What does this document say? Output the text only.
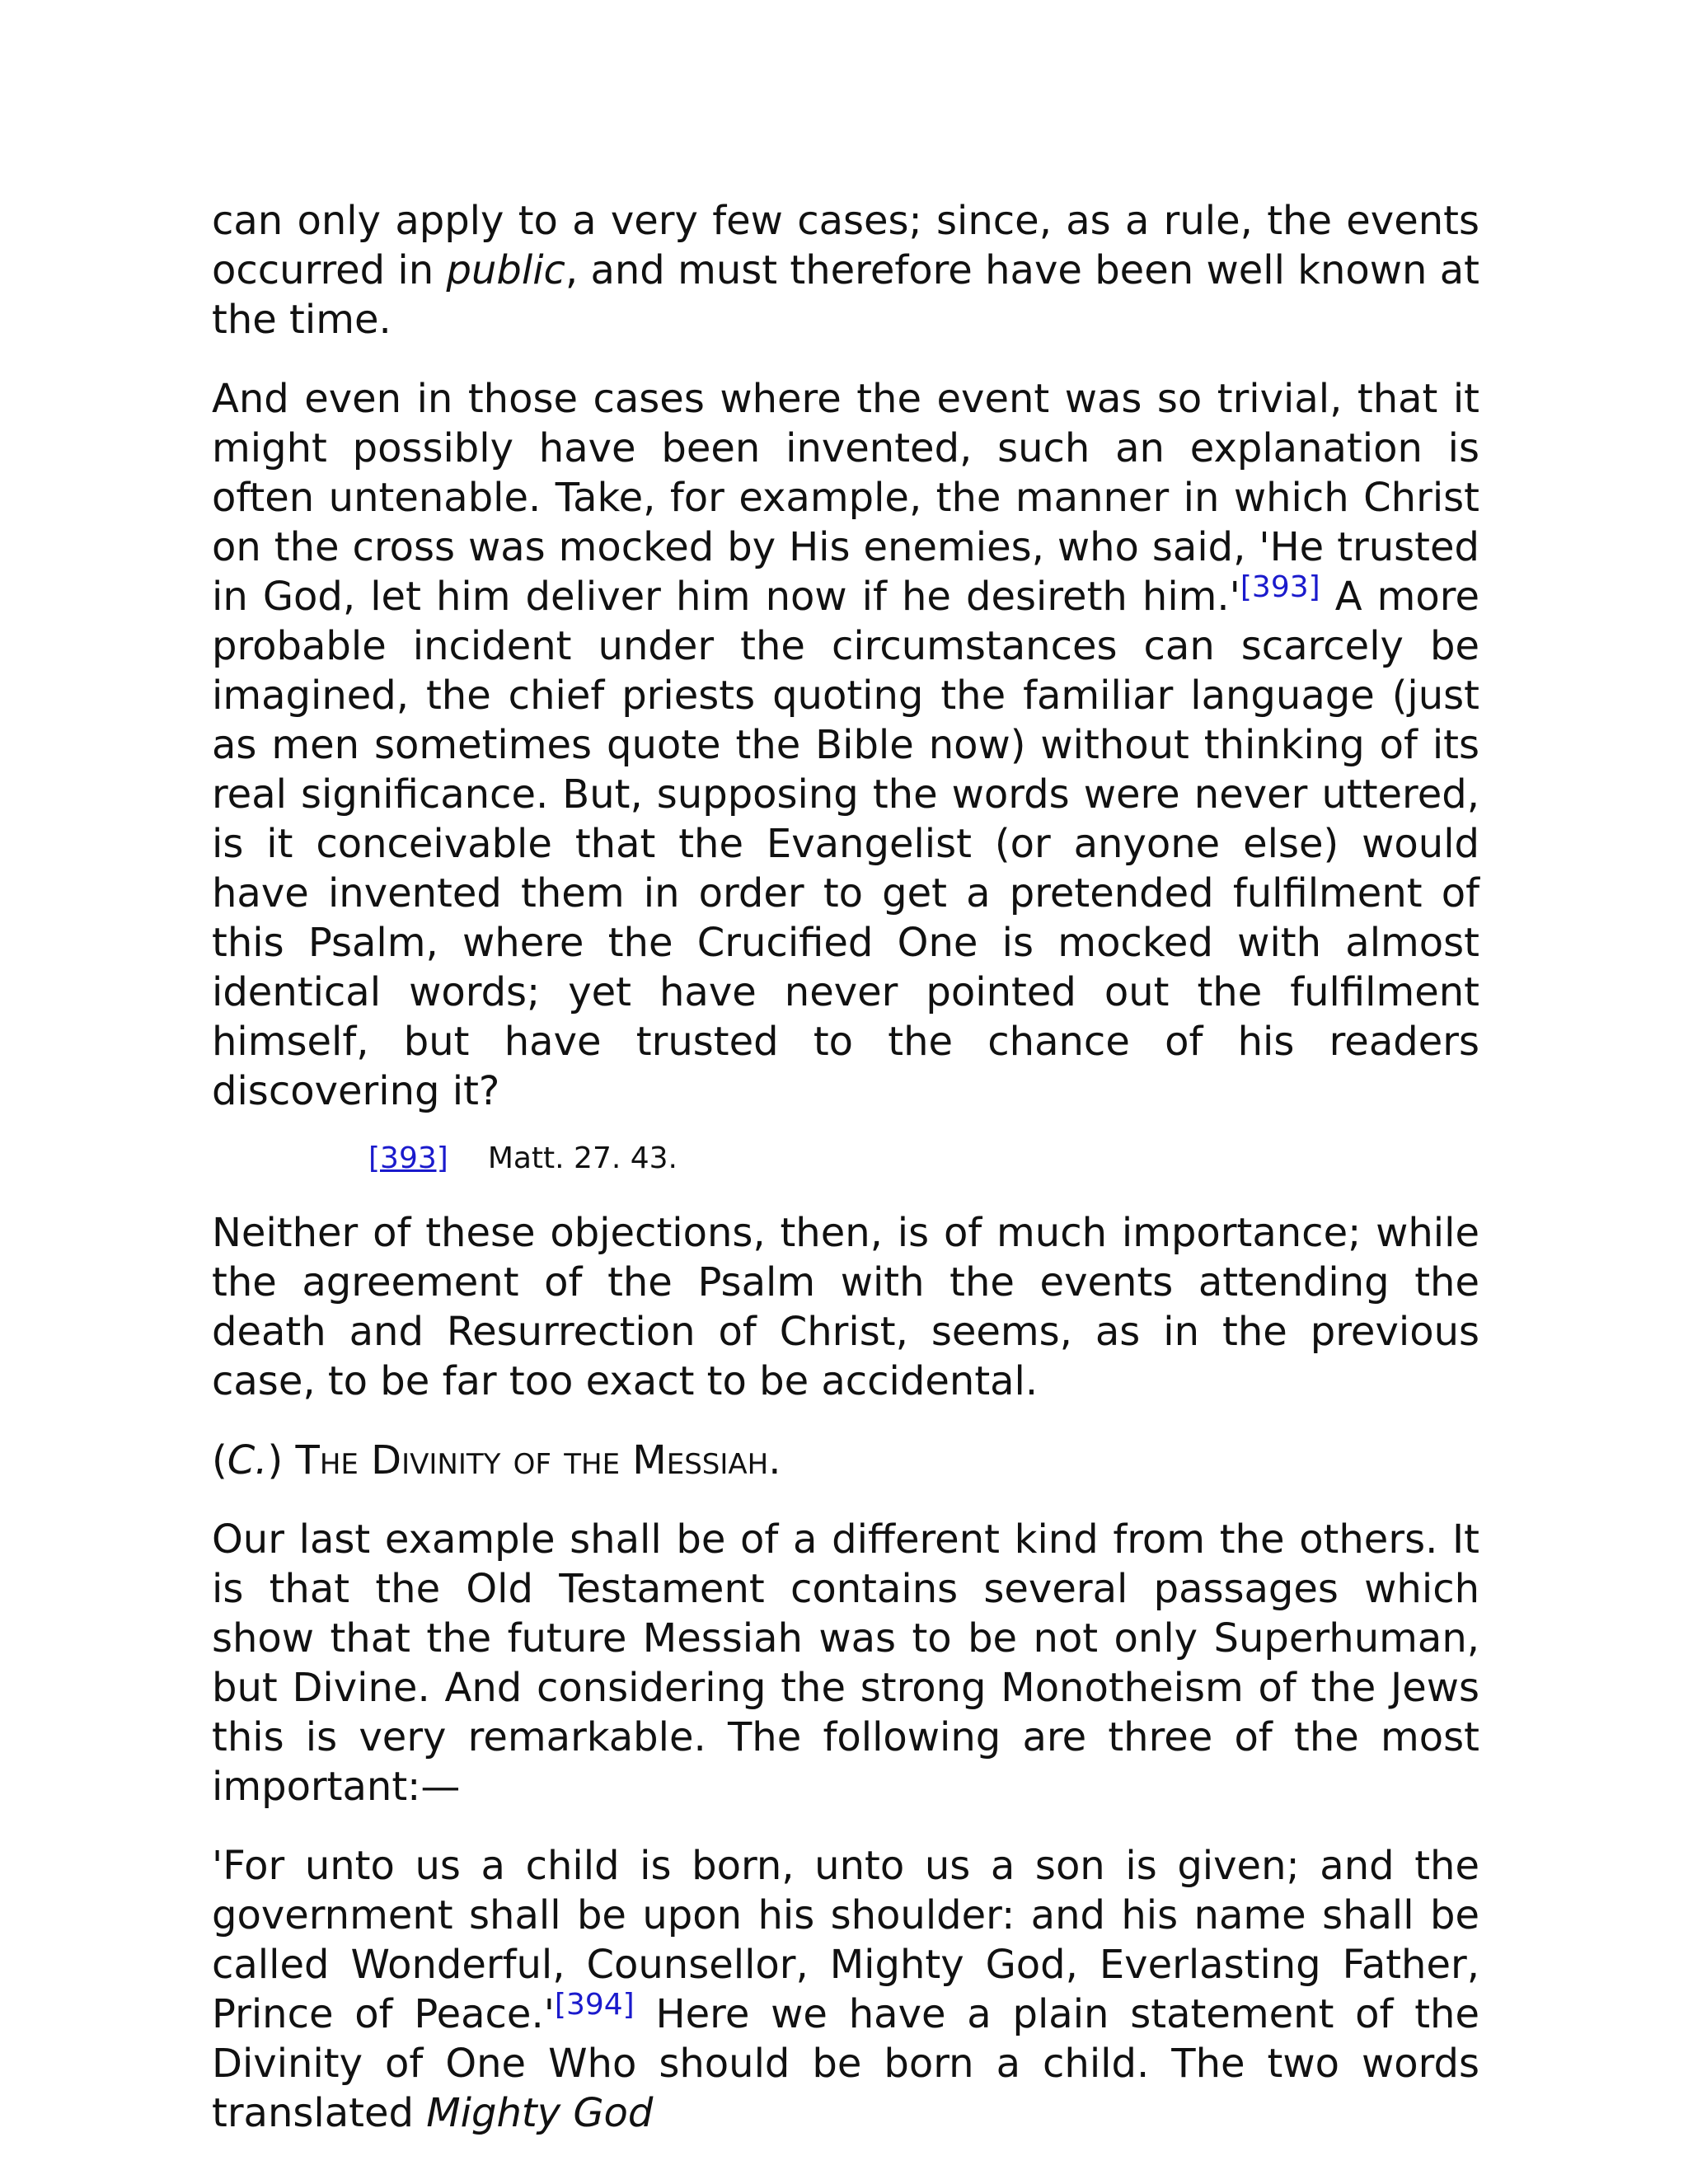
can only apply to a very few cases; since, as a rule, the events occurred in public, and must therefore have been well known at the time.

And even in those cases where the event was so trivial, that it might possibly have been invented, such an explanation is often untenable. Take, for example, the manner in which Christ on the cross was mocked by His enemies, who said, 'He trusted in God, let him deliver him now if he desireth him.'[393] A more probable incident under the circumstances can scarcely be imagined, the chief priests quoting the familiar language (just as men sometimes quote the Bible now) without thinking of its real significance. But, supposing the words were never uttered, is it conceivable that the Evangelist (or anyone else) would have invented them in order to get a pretended fulfilment of this Psalm, where the Crucified One is mocked with almost identical words; yet have never pointed out the fulfilment himself, but have trusted to the chance of his readers discovering it?

[393] Matt. 27. 43.

Neither of these objections, then, is of much importance; while the agreement of the Psalm with the events attending the death and Resurrection of Christ, seems, as in the previous case, to be far too exact to be accidental.

(C.) The Divinity of the Messiah.

Our last example shall be of a different kind from the others. It is that the Old Testament contains several passages which show that the future Messiah was to be not only Superhuman, but Divine. And considering the strong Monotheism of the Jews this is very remarkable. The following are three of the most important:—

'For unto us a child is born, unto us a son is given; and the government shall be upon his shoulder: and his name shall be called Wonderful, Counsellor, Mighty God, Everlasting Father, Prince of Peace.'[394] Here we have a plain statement of the Divinity of One Who should be born a child. The two words translated Mighty God
